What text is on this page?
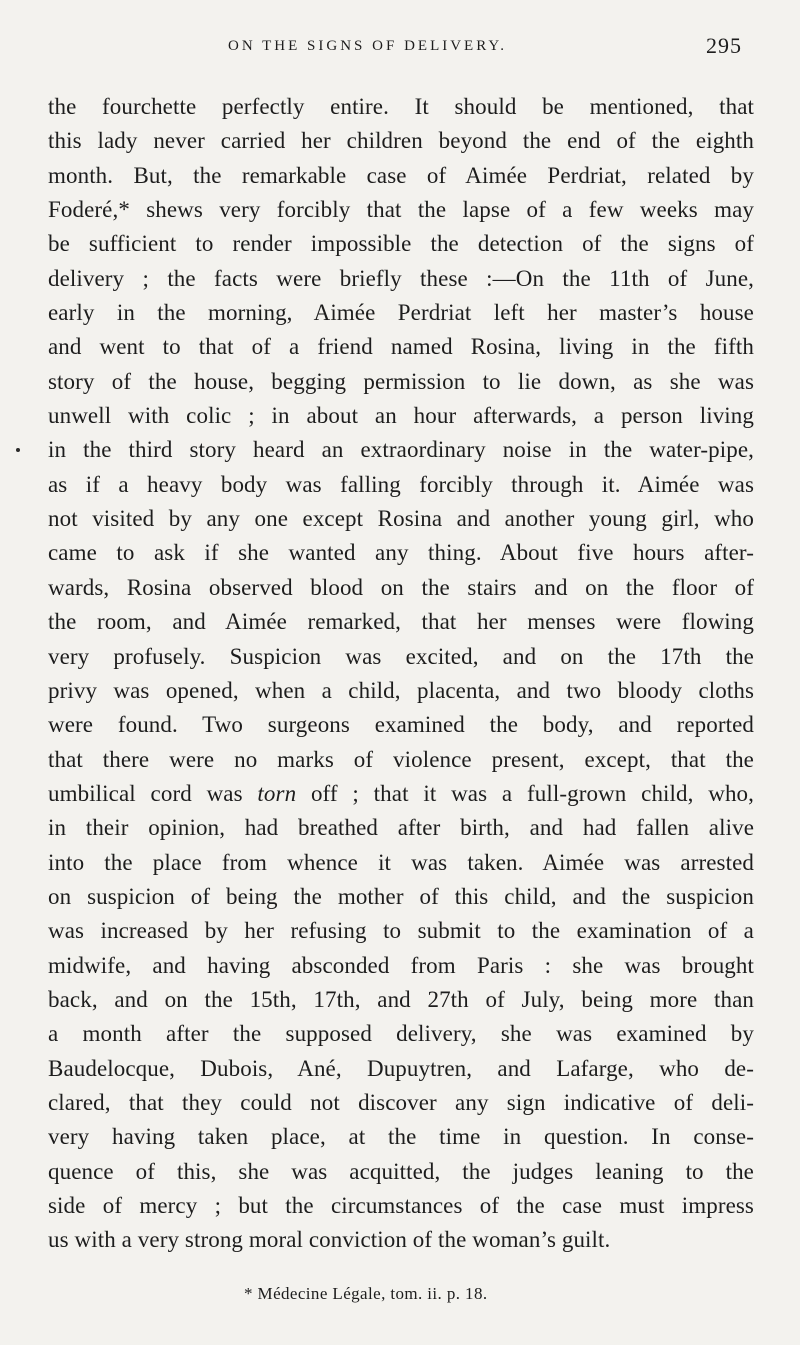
ON THE SIGNS OF DELIVERY.	295
the fourchette perfectly entire. It should be mentioned, that
this lady never carried her children beyond the end of the eighth
month. But, the remarkable case of Aimée Perdriat, related by
Foderé,* shews very forcibly that the lapse of a few weeks may
be sufficient to render impossible the detection of the signs of
delivery ; the facts were briefly these :—On the 11th of June,
early in the morning, Aimée Perdriat left her master’s house
and went to that of a friend named Rosina, living in the fifth
story of the house, begging permission to lie down, as she was
unwell with colic ; in about an hour afterwards, a person living
in the third story heard an extraordinary noise in the water-pipe,
as if a heavy body was falling forcibly through it. Aimée was
not visited by any one except Rosina and another young girl, who
came to ask if she wanted any thing. About five hours after-
wards, Rosina observed blood on the stairs and on the floor of
the room, and Aimée remarked, that her menses were flowing
very profusely. Suspicion was excited, and on the 17th the
privy was opened, when a child, placenta, and two bloody cloths
were found. Two surgeons examined the body, and reported
that there were no marks of violence present, except, that the
umbilical cord was torn off ; that it was a full-grown child, who,
in their opinion, had breathed after birth, and had fallen alive
into the place from whence it was taken. Aimée was arrested
on suspicion of being the mother of this child, and the suspicion
was increased by her refusing to submit to the examination of a
midwife, and having absconded from Paris : she was brought
back, and on the 15th, 17th, and 27th of July, being more than
a month after the supposed delivery, she was examined by
Baudelocque, Dubois, Ané, Dupuytren, and Lafarge, who de-
clared, that they could not discover any sign indicative of deli-
very having taken place, at the time in question. In conse-
quence of this, she was acquitted, the judges leaning to the
side of mercy ; but the circumstances of the case must impress
us with a very strong moral conviction of the woman’s guilt.
* Médecine Légale, tom. ii. p. 18.
